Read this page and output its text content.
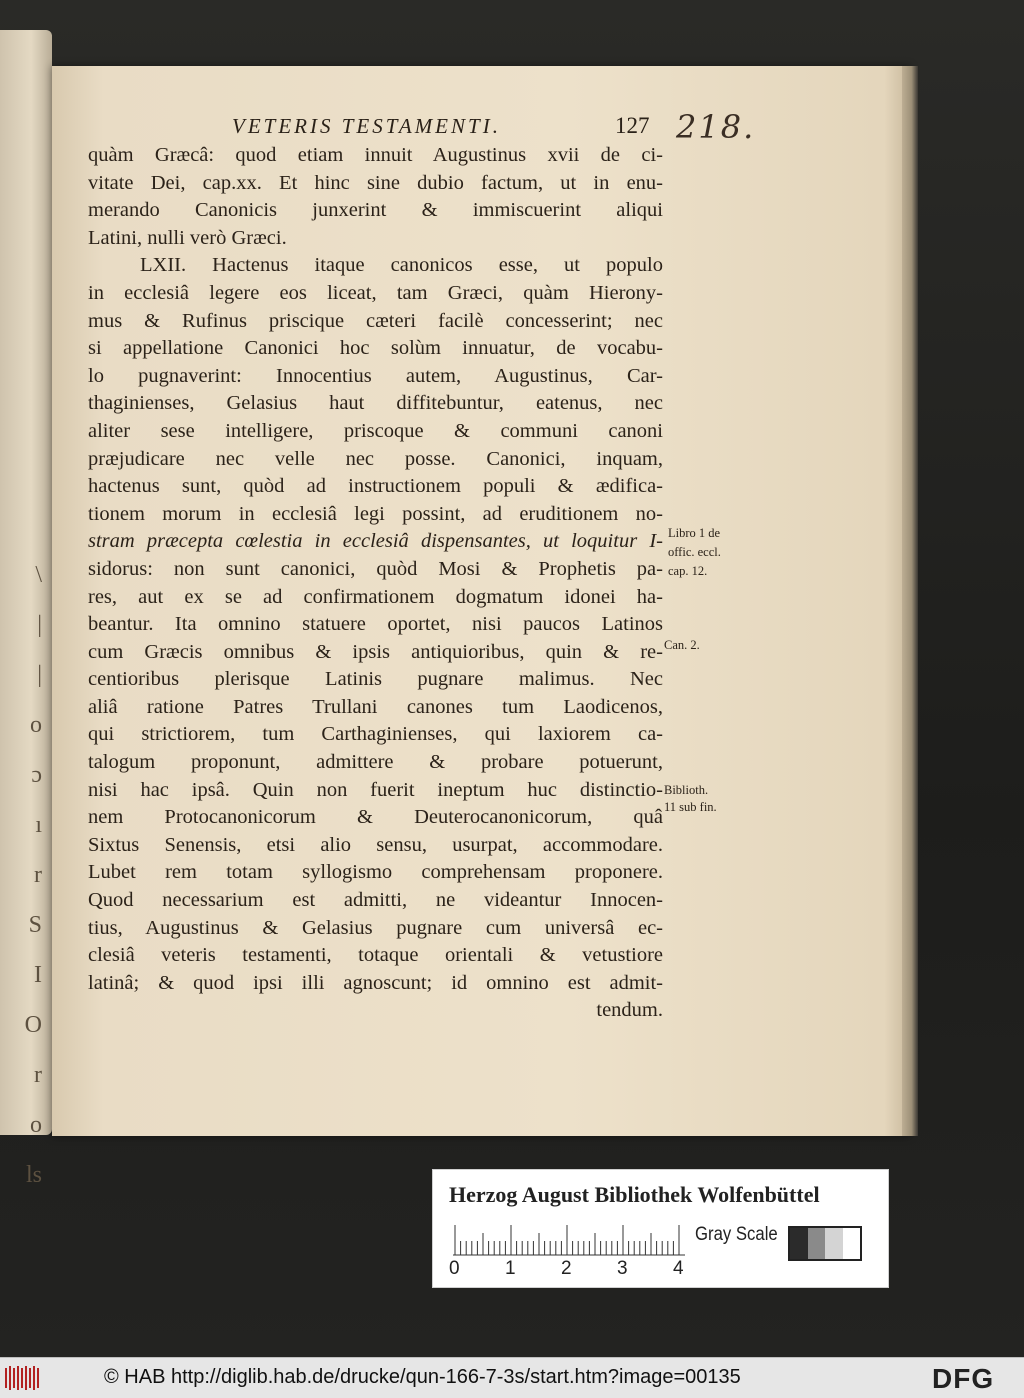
\
|
|
o
ɔ
ı
r
S
I
O
r
o
ls
VETERIS TESTAMENTI.	127 218.
quàm Græcâ: quod etiam innuit Augustinus xvii de ci-
vitate Dei, cap.xx. Et hinc sine dubio factum, ut in enu-
merando Canonicis junxerint & immiscuerint aliqui
Latini, nulli verò Græci.
LXII. Hactenus itaque canonicos esse, ut populo
in ecclesiâ legere eos liceat, tam Græci, quàm Hierony-
mus & Rufinus priscique cæteri facilè concesserint; nec
si appellatione Canonici hoc solùm innuatur, de vocabu-
lo pugnaverint: Innocentius autem, Augustinus, Car-
thaginienses, Gelasius haut diffitebuntur, eatenus, nec
aliter sese intelligere, priscoque & communi canoni
præjudicare nec velle nec posse. Canonici, inquam,
hactenus sunt, quòd ad instructionem populi & ædifica-
tionem morum in ecclesiâ legi possint, ad eruditionem no-
stram præcepta cœlestia in ecclesiâ dispensantes, ut loquitur I-
sidorus: non sunt canonici, quòd Mosi & Prophetis pa-
res, aut ex se ad confirmationem dogmatum idonei ha-
beantur. Ita omnino statuere oportet, nisi paucos Latinos
cum Græcis omnibus & ipsis antiquioribus, quin & re-
centioribus plerisque Latinis pugnare malimus. Nec
aliâ ratione Patres Trullani canones tum Laodicenos,
qui strictiorem, tum Carthaginienses, qui laxiorem ca-
talogum proponunt, admittere & probare potuerunt,
nisi hac ipsâ. Quin non fuerit ineptum huc distinctio-
nem Protocanonicorum & Deuterocanonicorum, quâ
Sixtus Senensis, etsi alio sensu, usurpat, accommodare.
Lubet rem totam syllogismo comprehensam proponere.
Quod necessarium est admitti, ne videantur Innocen-
tius, Augustinus & Gelasius pugnare cum universâ ec-
clesiâ veteris testamenti, totaque orientali & vetustiore
latinâ; & quod ipsi illi agnoscunt; id omnino est admit-
tendum.
Libro 1 de
offic. eccl.
cap. 12.
Can. 2.
Biblioth.
11 sub fin.
Herzog August Bibliothek Wolfenbüttel
0 1 2 3 4
Gray Scale
© HAB http://diglib.hab.de/drucke/qun-166-7-3s/start.htm?image=00135	DFG
